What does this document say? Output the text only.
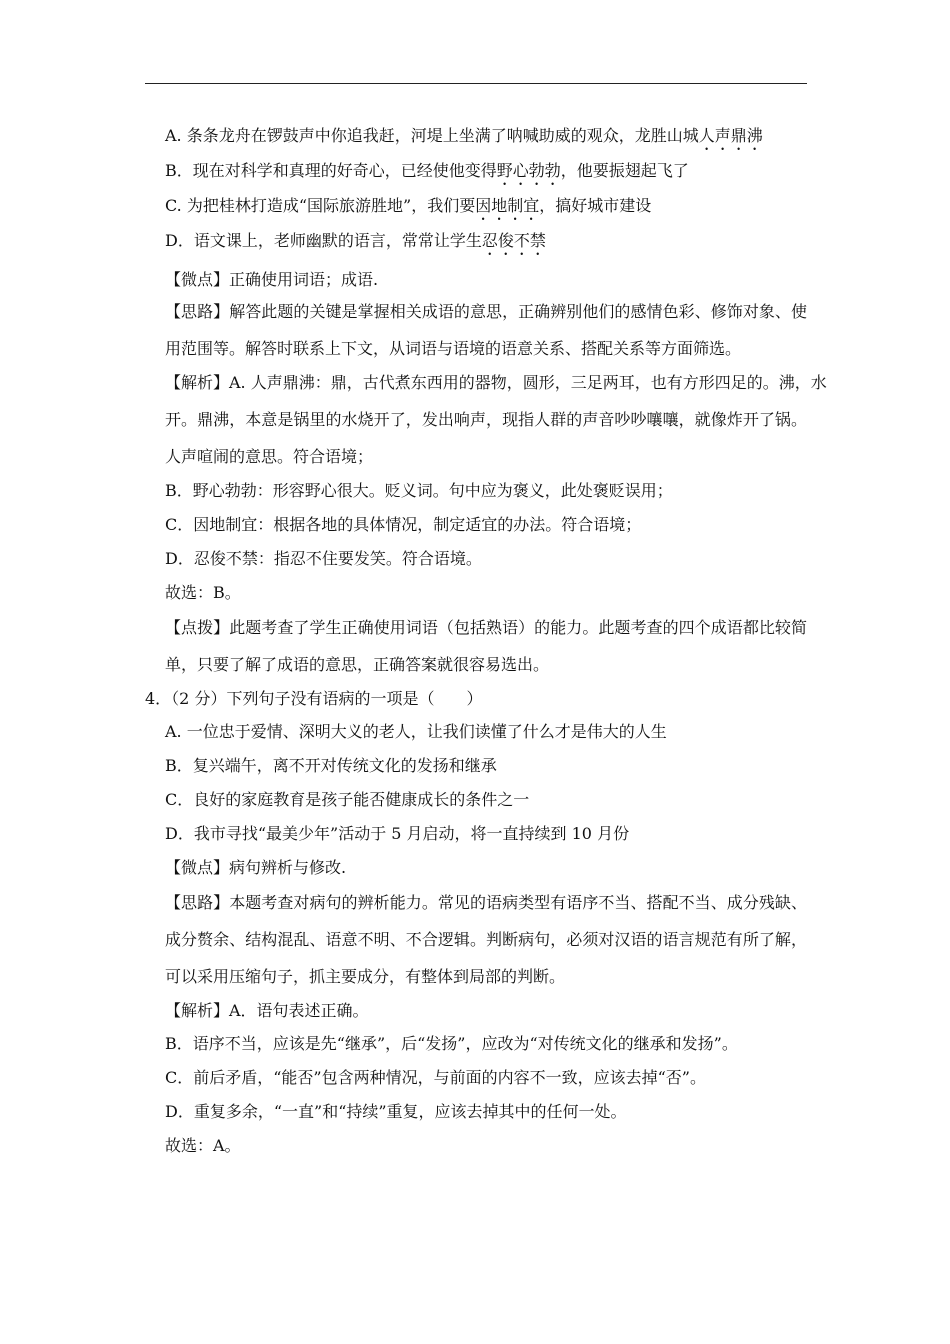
A. 条条龙舟在锣鼓声中你追我赶，河堤上坐满了呐喊助威的观众，龙胜山城人声鼎沸
B．现在对科学和真理的好奇心，已经使他变得野心勃勃，他要振翅起飞了
C. 为把桂林打造成“国际旅游胜地”，我们要因地制宜，搞好城市建设
D．语文课上，老师幽默的语言，常常让学生忍俊不禁
【微点】正确使用词语；成语.
【思路】解答此题的关键是掌握相关成语的意思，正确辨别他们的感情色彩、修饰对象、使
用范围等。解答时联系上下文，从词语与语境的语意关系、搭配关系等方面筛选。
【解析】A. 人声鼎沸：鼎，古代煮东西用的器物，圆形，三足两耳，也有方形四足的。沸，水
开。鼎沸，本意是锅里的水烧开了，发出响声，现指人群的声音吵吵嚷嚷，就像炸开了锅。
人声喧闹的意思。符合语境；
B．野心勃勃：形容野心很大。贬义词。句中应为褒义，此处褒贬误用；
C．因地制宜：根据各地的具体情况，制定适宜的办法。符合语境；
D．忍俊不禁：指忍不住要发笑。符合语境。
故选：B。
【点拨】此题考查了学生正确使用词语（包括熟语）的能力。此题考查的四个成语都比较简
单，只要了解了成语的意思，正确答案就很容易选出。
4．（2 分）下列句子没有语病的一项是（　　）
A. 一位忠于爱情、深明大义的老人，让我们读懂了什么才是伟大的人生
B．复兴端午，离不开对传统文化的发扬和继承
C．良好的家庭教育是孩子能否健康成长的条件之一
D．我市寻找“最美少年”活动于 5 月启动，将一直持续到 10 月份
【微点】病句辨析与修改.
【思路】本题考查对病句的辨析能力。常见的语病类型有语序不当、搭配不当、成分残缺、
成分赘余、结构混乱、语意不明、不合逻辑。判断病句，必须对汉语的语言规范有所了解，
可以采用压缩句子，抓主要成分，有整体到局部的判断。
【解析】A．语句表述正确。
B．语序不当，应该是先“继承”，后“发扬”，应改为“对传统文化的继承和发扬”。
C．前后矛盾，“能否”包含两种情况，与前面的内容不一致，应该去掉“否”。
D．重复多余，“一直”和“持续”重复，应该去掉其中的任何一处。
故选：A。
